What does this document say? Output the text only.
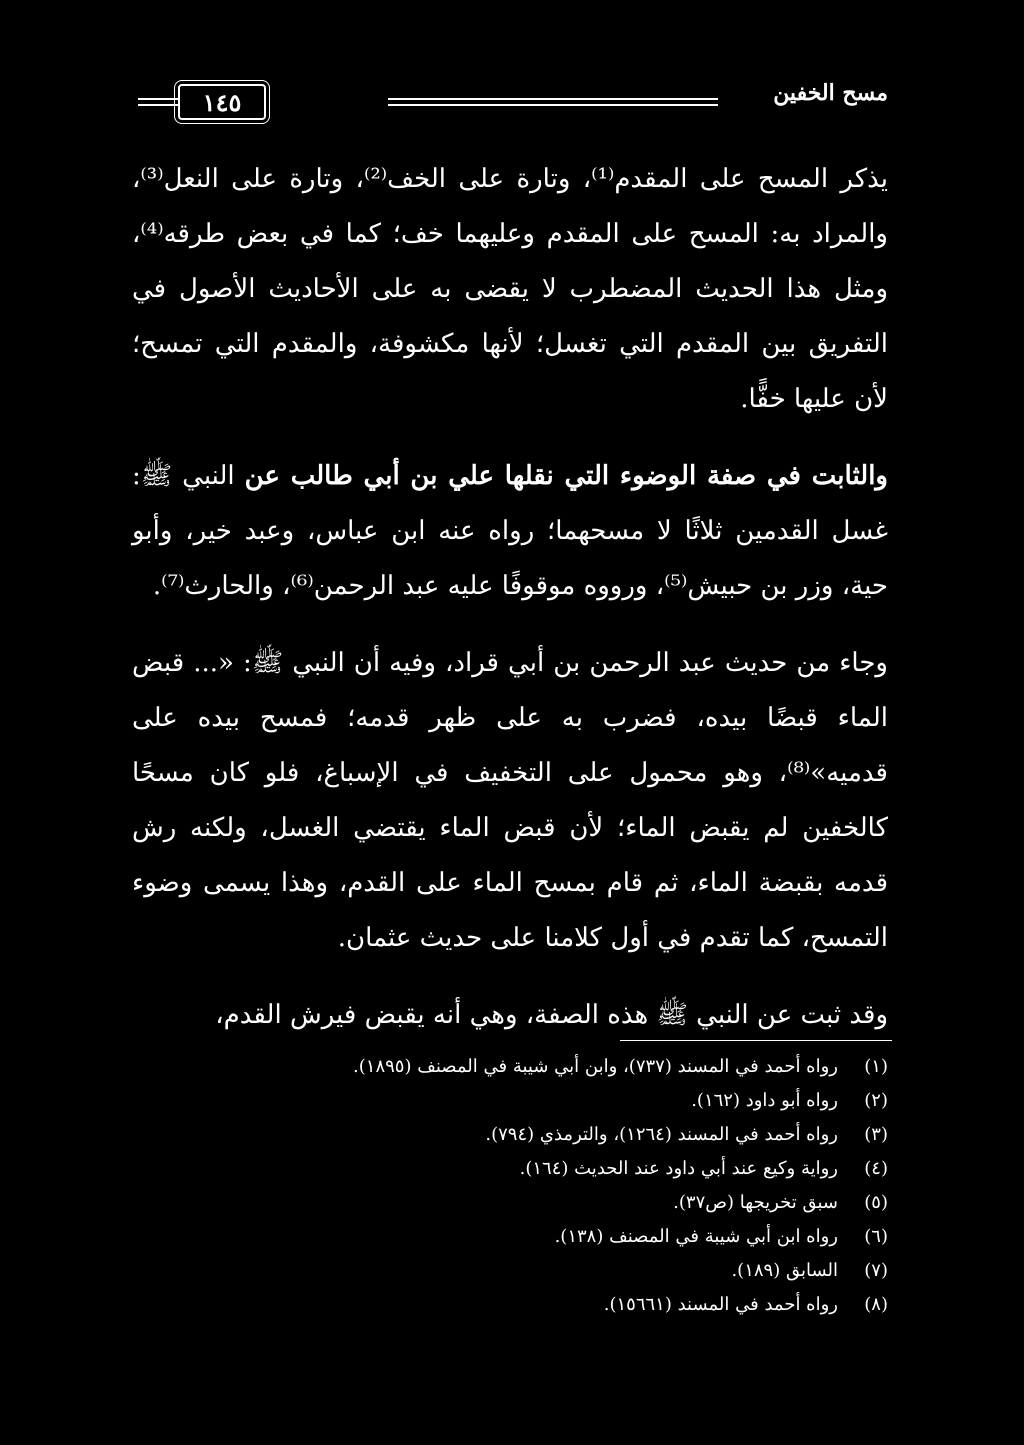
١٤٥	مسح الخفين

يذكر المسح على المقدم⁽¹⁾، وتارة على الخف⁽²⁾، وتارة على النعل⁽³⁾، والمراد به: المسح على المقدم وعليهما خف؛ كما في بعض طرقه⁽⁴⁾، ومثل هذا الحديث المضطرب لا يقضى به على الأحاديث الأصول في التفريق بين المقدم التي تغسل؛ لأنها مكشوفة، والمقدم التي تمسح؛ لأن عليها خفًّا.

والثابت في صفة الوضوء التي نقلها علي بن أبي طالب عن النبي ﷺ: غسل القدمين ثلاثًا لا مسحهما؛ رواه عنه ابن عباس، وعبد خير، وأبو حية، وزر بن حبيش⁽⁵⁾، ورووه موقوفًا عليه عبد الرحمن⁽⁶⁾، والحارث⁽⁷⁾.

وجاء من حديث عبد الرحمن بن أبي قراد، وفيه أن النبي ﷺ: «... قبض الماء قبضًا بيده، فضرب به على ظهر قدمه؛ فمسح بيده على قدميه»⁽⁸⁾، وهو محمول على التخفيف في الإسباغ، فلو كان مسحًا كالخفين لم يقبض الماء؛ لأن قبض الماء يقتضي الغسل، ولكنه رش قدمه بقبضة الماء، ثم قام بمسح الماء على القدم، وهذا يسمى وضوء التمسح، كما تقدم في أول كلامنا على حديث عثمان.

وقد ثبت عن النبي ﷺ هذه الصفة، وهي أنه يقبض فيرش القدم،

(١)
رواه أحمد في المسند (٧٣٧)، وابن أبي شيبة في المصنف (١٨٩٥).
(٢)
رواه أبو داود (١٦٢).
(٣)
رواه أحمد في المسند (١٢٦٤)، والترمذي (٧٩٤).
(٤)
رواية وكيع عند أبي داود عند الحديث (١٦٤).
(٥)
سبق تخريجها (ص٣٧).
(٦)
رواه ابن أبي شيبة في المصنف (١٣٨).
(٧)
السابق (١٨٩).
(٨)
رواه أحمد في المسند (١٥٦٦١).
